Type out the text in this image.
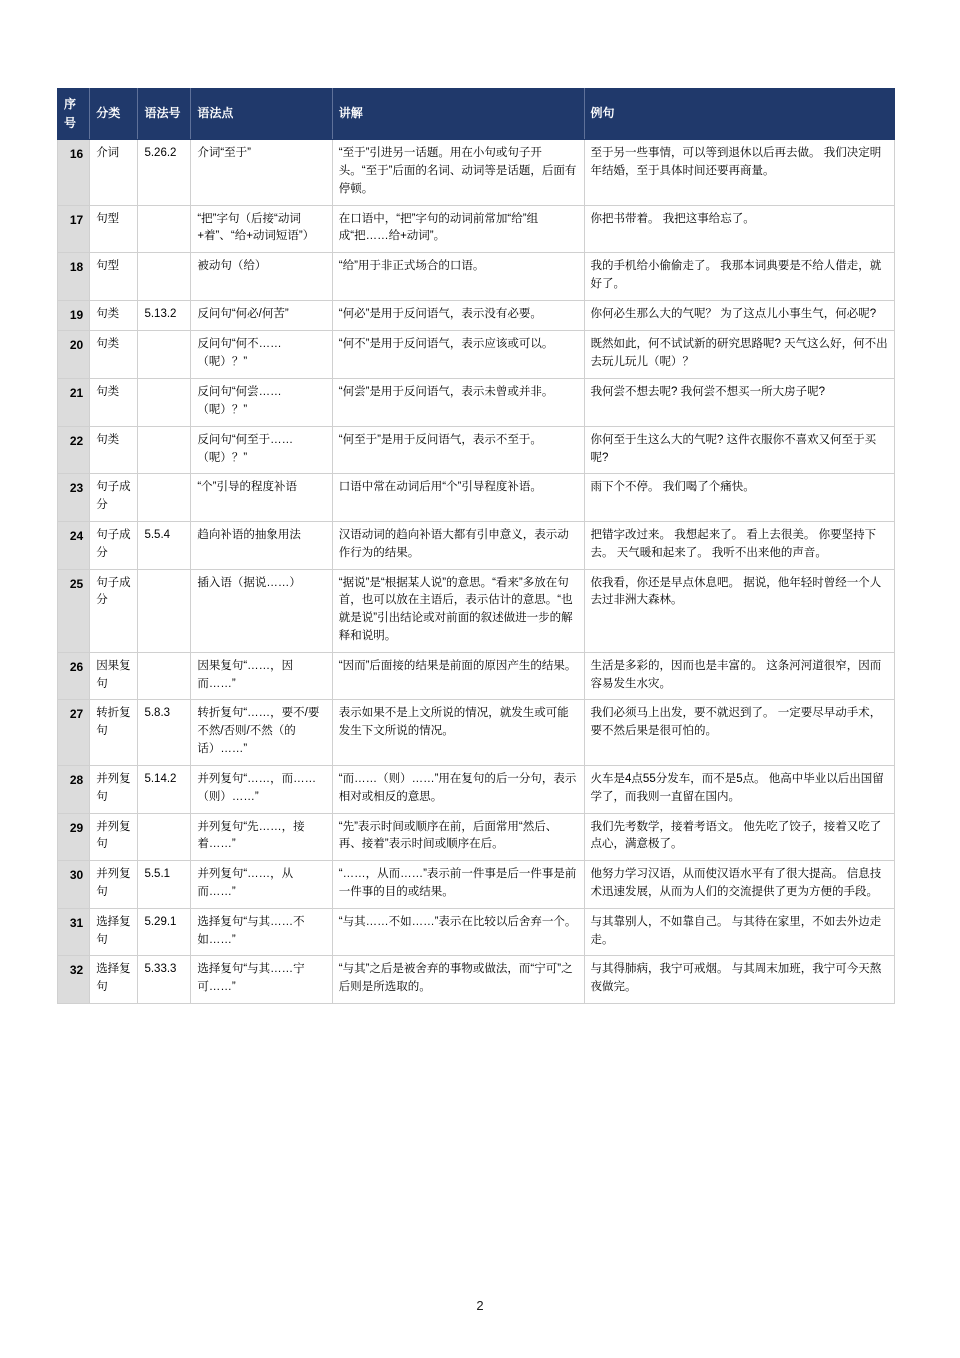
序号	分类	语法号	语法点	讲解	例句
16	介词	5.26.2	介词“至于”	“至于”引进另一话题。用在小句或句子开头。“至于”后面的名词、动词等是话题，后面有停顿。	至于另一些事情，可以等到退休以后再去做。 我们决定明年结婚，至于具体时间还要再商量。
17	句型		“把”字句（后接“动词+着”、“给+动词短语”）	在口语中，“把”字句的动词前常加“给”组成“把……给+动词”。	你把书带着。 我把这事给忘了。
18	句型		被动句（给）	“给”用于非正式场合的口语。	我的手机给小偷偷走了。 我那本词典要是不给人借走，就好了。
19	句类	5.13.2	反问句“何必/何苦”	“何必”是用于反问语气，表示没有必要。	你何必生那么大的气呢？ 为了这点儿小事生气，何必呢?
20	句类		反问句“何不……（呢）？”	“何不”是用于反问语气，表示应该或可以。	既然如此，何不试试新的研究思路呢? 天气这么好，何不出去玩儿玩儿（呢）？
21	句类		反问句“何尝……（呢）？”	“何尝”是用于反问语气，表示未曾或并非。	我何尝不想去呢? 我何尝不想买一所大房子呢?
22	句类		反问句“何至于……（呢）？”	“何至于”是用于反问语气，表示不至于。	你何至于生这么大的气呢? 这件衣服你不喜欢又何至于买呢?
23	句子成分		“个”引导的程度补语	口语中常在动词后用“个”引导程度补语。	雨下个不停。 我们喝了个痛快。
24	句子成分	5.5.4	趋向补语的抽象用法	汉语动词的趋向补语大都有引申意义，表示动作行为的结果。	把错字改过来。 我想起来了。 看上去很美。 你要坚持下去。 天气暖和起来了。 我听不出来他的声音。
25	句子成分		插入语（据说……）	“据说”是“根据某人说”的意思。“看来”多放在句首，也可以放在主语后，表示估计的意思。“也就是说”引出结论或对前面的叙述做进一步的解释和说明。	依我看，你还是早点休息吧。 据说，他年轻时曾经一个人去过非洲大森林。
26	因果复句		因果复句“……，因而……”	“因而”后面接的结果是前面的原因产生的结果。	生活是多彩的，因而也是丰富的。 这条河河道很窄，因而容易发生水灾。
27	转折复句	5.8.3	转折复句“……，要不/要不然/否则/不然（的话）……”	表示如果不是上文所说的情况，就发生或可能发生下文所说的情况。	我们必须马上出发，要不就迟到了。 一定要尽早动手术，要不然后果是很可怕的。
28	并列复句	5.14.2	并列复句“……，而……（则）……”	“而……（则）……”用在复句的后一分句，表示相对或相反的意思。	火车是4点55分发车，而不是5点。 他高中毕业以后出国留学了，而我则一直留在国内。
29	并列复句		并列复句“先……，接着……”	“先”表示时间或顺序在前，后面常用“然后、再、接着”表示时间或顺序在后。	我们先考数学，接着考语文。 他先吃了饺子，接着又吃了点心，满意极了。
30	并列复句	5.5.1	并列复句“……，从而……”	“……，从而……”表示前一件事是后一件事是前一件事的目的或结果。	他努力学习汉语，从而使汉语水平有了很大提高。 信息技术迅速发展，从而为人们的交流提供了更为方便的手段。
31	选择复句	5.29.1	选择复句“与其……不如……”	“与其……不如……”表示在比较以后舍弃一个。	与其靠别人，不如靠自己。 与其待在家里，不如去外边走走。
32	选择复句	5.33.3	选择复句“与其……宁可……”	“与其”之后是被舍弃的事物或做法，而“宁可”之后则是所选取的。	与其得肺病，我宁可戒烟。 与其周末加班，我宁可今天熬夜做完。
2
